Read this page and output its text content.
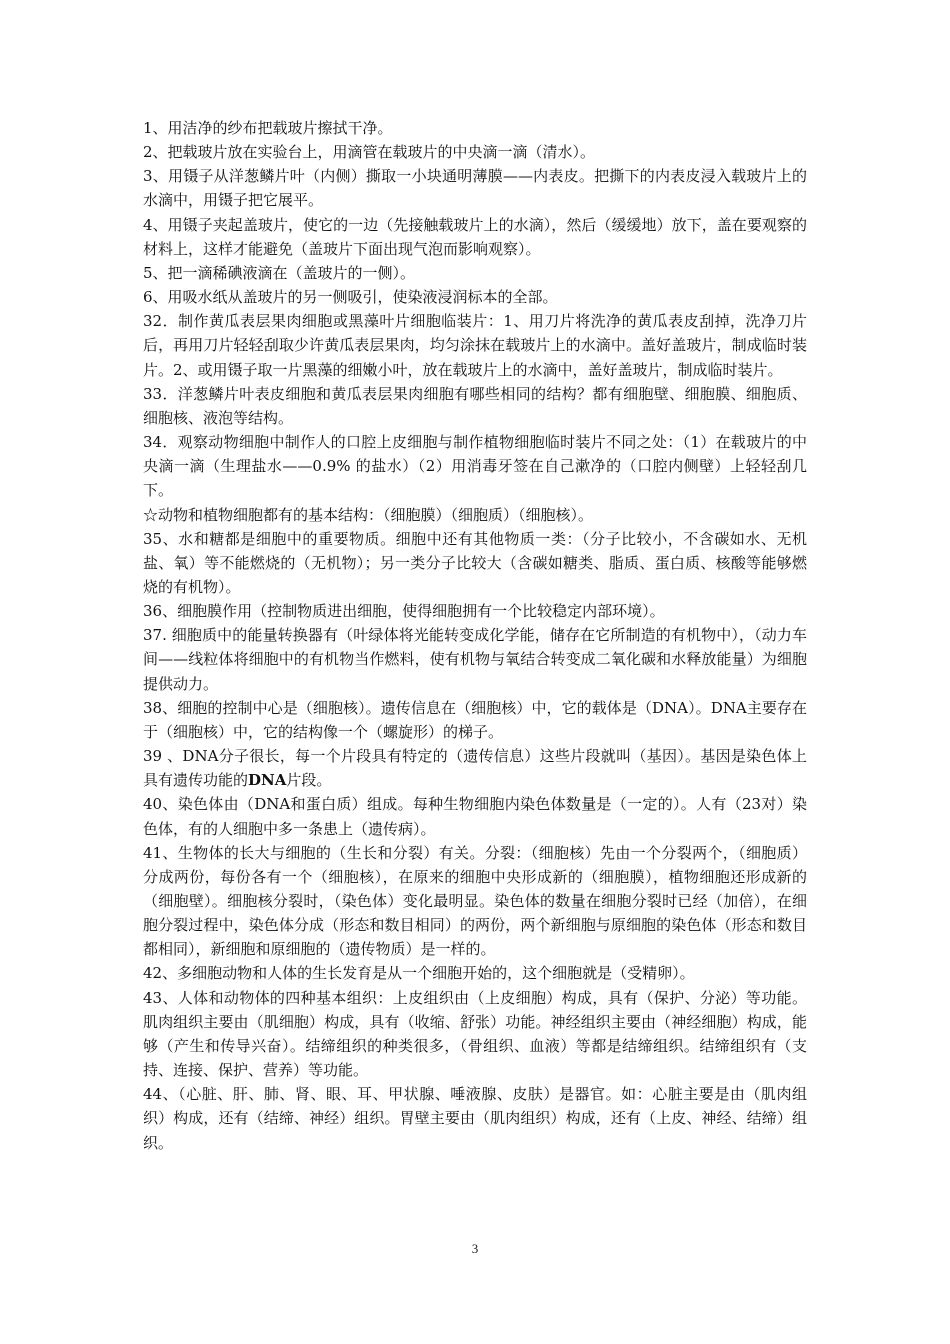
1、用洁净的纱布把载玻片擦拭干净。

2、把载玻片放在实验台上，用滴管在载玻片的中央滴一滴（清水）。

3、用镊子从洋葱鳞片叶（内侧）撕取一小块通明薄膜——内表皮。把撕下的内表皮浸入载玻片上的水滴中，用镊子把它展平。

4、用镊子夹起盖玻片，使它的一边（先接触载玻片上的水滴），然后（缓缓地）放下，盖在要观察的材料上，这样才能避免（盖玻片下面出现气泡而影响观察）。

5、把一滴稀碘液滴在（盖玻片的一侧）。

6、用吸水纸从盖玻片的另一侧吸引，使染液浸润标本的全部。

32．制作黄瓜表层果肉细胞或黑藻叶片细胞临装片：1、用刀片将洗净的黄瓜表皮刮掉，洗净刀片后，再用刀片轻轻刮取少许黄瓜表层果肉，均匀涂抹在载玻片上的水滴中。盖好盖玻片，制成临时装片。2、或用镊子取一片黑藻的细嫩小叶，放在载玻片上的水滴中，盖好盖玻片，制成临时装片。

33．洋葱鳞片叶表皮细胞和黄瓜表层果肉细胞有哪些相同的结构？都有细胞壁、细胞膜、细胞质、细胞核、液泡等结构。

34．观察动物细胞中制作人的口腔上皮细胞与制作植物细胞临时装片不同之处：（1）在载玻片的中央滴一滴（生理盐水——0.9% 的盐水）（2）用消毒牙签在自己漱净的（口腔内侧壁）上轻轻刮几下。

☆动物和植物细胞都有的基本结构：（细胞膜）（细胞质）（细胞核）。

35、水和糖都是细胞中的重要物质。细胞中还有其他物质一类：（分子比较小，不含碳如水、无机盐、氧）等不能燃烧的（无机物）；另一类分子比较大（含碳如糖类、脂质、蛋白质、核酸等能够燃烧的有机物）。

36、细胞膜作用（控制物质进出细胞，使得细胞拥有一个比较稳定内部环境）。

37. 细胞质中的能量转换器有（叶绿体将光能转变成化学能，储存在它所制造的有机物中），（动力车间——线粒体将细胞中的有机物当作燃料，使有机物与氧结合转变成二氧化碳和水释放能量）为细胞提供动力。

38、细胞的控制中心是（细胞核）。遗传信息在（细胞核）中，它的载体是（DNA）。DNA主要存在于（细胞核）中，它的结构像一个（螺旋形）的梯子。

39 、DNA分子很长，每一个片段具有特定的（遗传信息）这些片段就叫（基因）。基因是染色体上具有遗传功能的DNA片段。

40、染色体由（DNA和蛋白质）组成。每种生物细胞内染色体数量是（一定的）。人有（23对）染色体，有的人细胞中多一条患上（遗传病）。

41、生物体的长大与细胞的（生长和分裂）有关。分裂：（细胞核）先由一个分裂两个，（细胞质）分成两份，每份各有一个（细胞核），在原来的细胞中央形成新的（细胞膜），植物细胞还形成新的（细胞壁）。细胞核分裂时，（染色体）变化最明显。染色体的数量在细胞分裂时已经（加倍），在细胞分裂过程中，染色体分成（形态和数目相同）的两份，两个新细胞与原细胞的染色体（形态和数目都相同），新细胞和原细胞的（遗传物质）是一样的。

42、多细胞动物和人体的生长发育是从一个细胞开始的，这个细胞就是（受精卵）。

43、人体和动物体的四种基本组织：上皮组织由（上皮细胞）构成，具有（保护、分泌）等功能。肌肉组织主要由（肌细胞）构成，具有（收缩、舒张）功能。神经组织主要由（神经细胞）构成，能够（产生和传导兴奋）。结缔组织的种类很多，（骨组织、血液）等都是结缔组织。结缔组织有（支持、连接、保护、营养）等功能。

44、（心脏、肝、肺、肾、眼、耳、甲状腺、唾液腺、皮肤）是器官。如：心脏主要是由（肌肉组织）构成，还有（结缔、神经）组织。胃壁主要由（肌肉组织）构成，还有（上皮、神经、结缔）组织。

3
